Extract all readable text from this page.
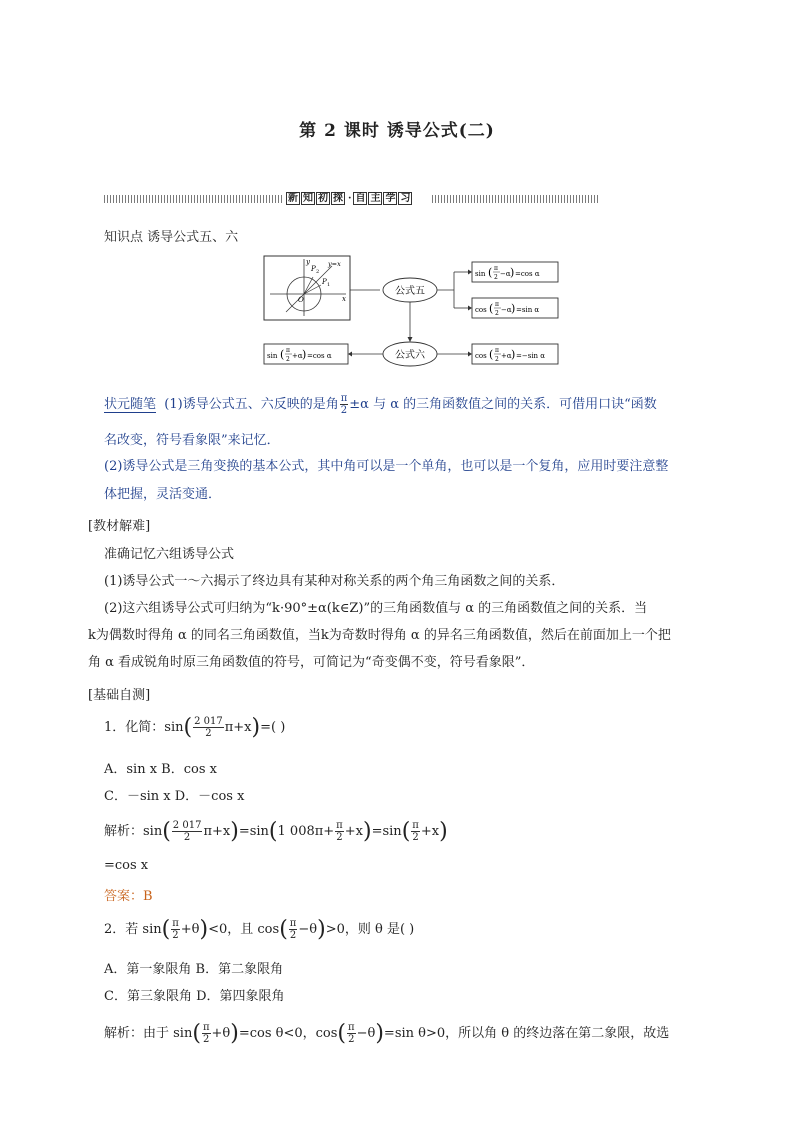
第 2 课时 诱导公式(二)
新 知 初 探 · 自 主 学 习
知识点 诱导公式五、六
y
x
O
y=x
P 2
P 1
公式五
sin ( π
2 −α ) =cos α
cos ( π
2 −α ) =sin α
公式六	cos ( π
2 +α ) =−sin α
sin ( π
2 +α ) =cos α
状元随笔 (1)诱导公式五、六反映的是角 $\frac{\pi}{2} \pm\alpha$ 与 α 的三角函数值之间的关系．可借用口诀“函数
名改变，符号看象限”来记忆．
(2)诱导公式是三角变换的基本公式，其中角可以是一个单角，也可以是一个复角，应用时要注意整
体把握，灵活变通．
[教材解难]
准确记忆六组诱导公式
(1)诱导公式一～六揭示了终边具有某种对称关系的两个角三角函数之间的关系．
(2)这六组诱导公式可归纳为“k·90°±α(k∈Z)”的三角函数值与 α 的三角函数值之间的关系．当
k为偶数时得角 α 的同名三角函数值，当k为奇数时得角 α 的异名三角函数值，然后在前面加上一个把
角 α 看成锐角时原三角函数值的符号，可简记为“奇变偶不变，符号看象限”．
[基础自测]
1．化简：$\sin( \frac{2 017}{2} \pi+x)=$( )
A．sin x B．cos x
C．－sin x D．－cos x
解析：$\sin( \frac{2 017}{2} \pi+x)=\sin(1$ $008\pi+ \frac{\pi}{2} +x)=\sin( \frac{\pi}{2} +x)$
=cos x
答案：B
2．若 $\sin( \frac{\pi}{2} +\theta)<0$，且 $\cos( \frac{\pi}{2} -\theta)>0$，则 θ 是( )
A．第一象限角 B．第二象限角
C．第三象限角 D．第四象限角
解析：由于 $\sin( \frac{\pi}{2} +\theta)=\cos$ θ<0，$\cos( \frac{\pi}{2} -\theta)=\sin$ θ>0，所以角 θ 的终边落在第二象限，故选
